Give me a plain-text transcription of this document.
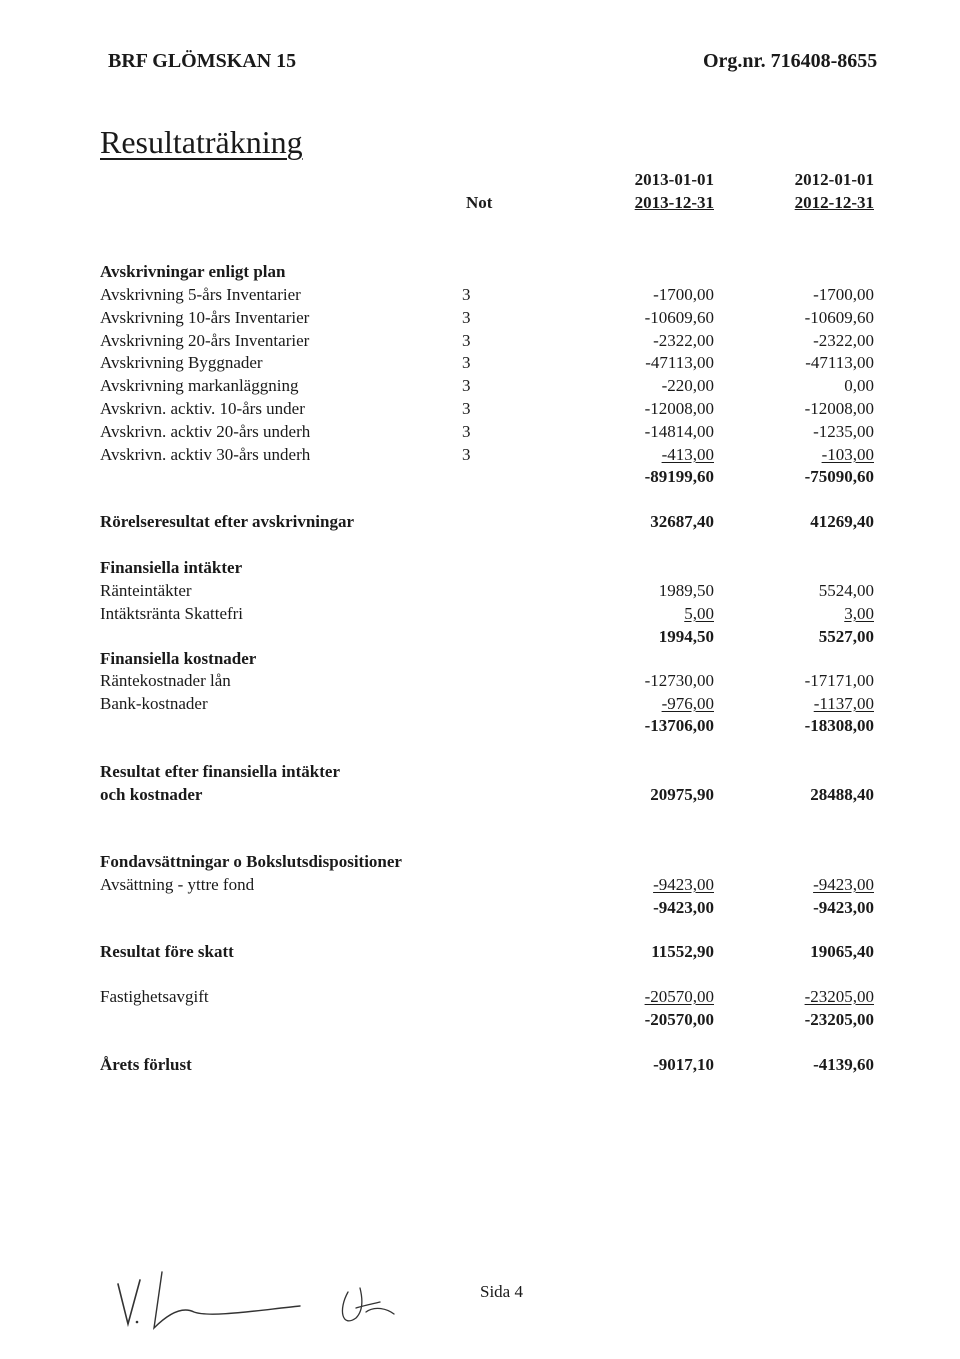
BRF GLÖMSKAN 15	Org.nr. 716408-8655
Resultaträkning
2013-01-01	2012-01-01
Not	2013-12-31	2012-12-31
Avskrivningar enligt plan
Avskrivning 5-års Inventarier	3	-1700,00	-1700,00
Avskrivning 10-års Inventarier	3	-10609,60	-10609,60
Avskrivning 20-års Inventarier	3	-2322,00	-2322,00
Avskrivning Byggnader	3	-47113,00	-47113,00
Avskrivning markanläggning	3	-220,00	0,00
Avskrivn. acktiv. 10-års under	3	-12008,00	-12008,00
Avskrivn. acktiv 20-års underh	3	-14814,00	-1235,00
Avskrivn. acktiv 30-års underh	3	-413,00	-103,00
-89199,60	-75090,60
Rörelseresultat efter avskrivningar	32687,40	41269,40
Finansiella intäkter
Ränteintäkter	1989,50	5524,00
Intäktsränta Skattefri	5,00	3,00
1994,50	5527,00
Finansiella kostnader
Räntekostnader lån	-12730,00	-17171,00
Bank-kostnader	-976,00	-1137,00
-13706,00	-18308,00
Resultat efter finansiella intäkter
och kostnader	20975,90	28488,40
Fondavsättningar o Bokslutsdispositioner
Avsättning - yttre fond	-9423,00	-9423,00
-9423,00	-9423,00
Resultat före skatt	11552,90	19065,40
Fastighetsavgift	-20570,00	-23205,00
-20570,00	-23205,00
Årets förlust	-9017,10	-4139,60
Sida 4
